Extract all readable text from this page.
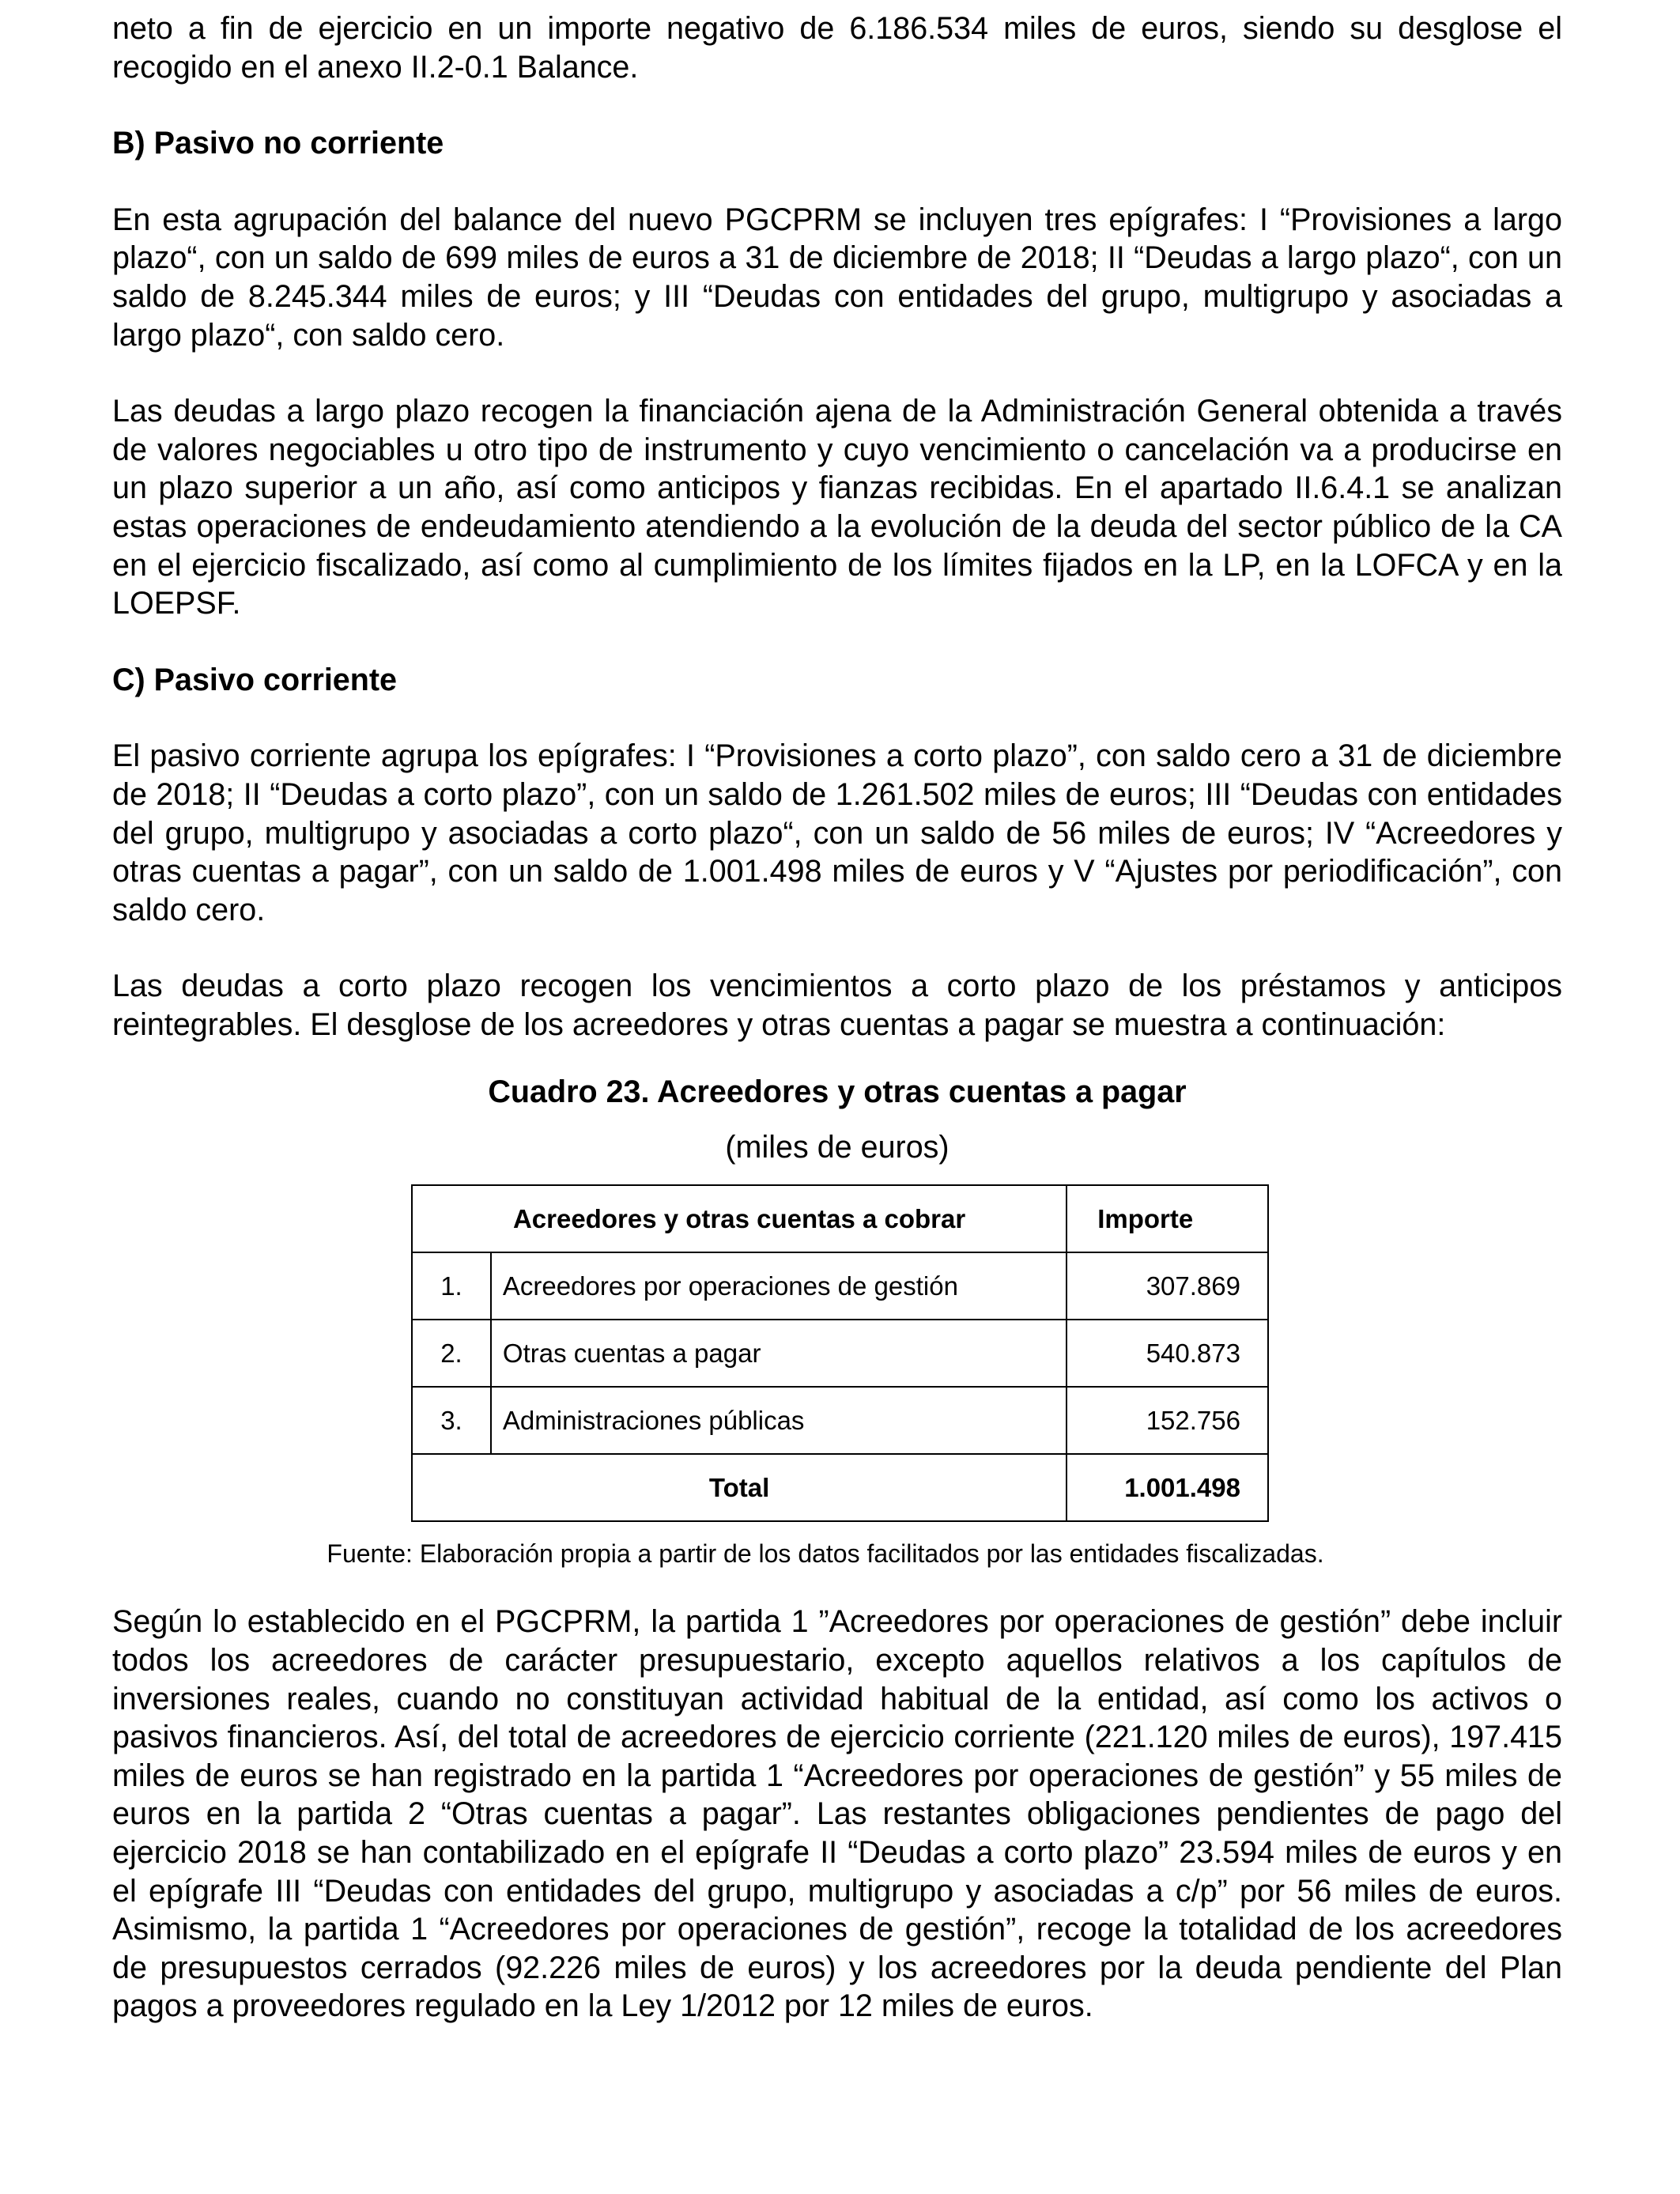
neto a fin de ejercicio en un importe negativo de 6.186.534 miles de euros, siendo su desglose el recogido en el anexo II.2-0.1 Balance.

B) Pasivo no corriente

En esta agrupación del balance del nuevo PGCPRM se incluyen tres epígrafes: I “Provisiones a largo plazo“, con un saldo de 699 miles de euros a 31 de diciembre de 2018; II “Deudas a largo plazo“, con un saldo de 8.245.344 miles de euros; y III “Deudas con entidades del grupo, multigrupo y asociadas a largo plazo“, con saldo cero.

Las deudas a largo plazo recogen la financiación ajena de la Administración General obtenida a través de valores negociables u otro tipo de instrumento y cuyo vencimiento o cancelación va a producirse en un plazo superior a un año, así como anticipos y fianzas recibidas. En el apartado II.6.4.1 se analizan estas operaciones de endeudamiento atendiendo a la evolución de la deuda del sector público de la CA en el ejercicio fiscalizado, así como al cumplimiento de los límites fijados en la LP, en la LOFCA y en la LOEPSF.

C) Pasivo corriente

El pasivo corriente agrupa los epígrafes: I “Provisiones a corto plazo”, con saldo cero a 31 de diciembre de 2018; II “Deudas a corto plazo”, con un saldo de 1.261.502 miles de euros; III “Deudas con entidades del grupo, multigrupo y asociadas a corto plazo“, con un saldo de 56 miles de euros; IV “Acreedores y otras cuentas a pagar”, con un saldo de 1.001.498 miles de euros y V “Ajustes por periodificación”, con saldo cero.

Las deudas a corto plazo recogen los vencimientos a corto plazo de los préstamos y anticipos reintegrables. El desglose de los acreedores y otras cuentas a pagar se muestra a continuación:

Cuadro 23. Acreedores y otras cuentas a pagar
(miles de euros)
Acreedores y otras cuentas a cobrar		Importe
1.	Acreedores por operaciones de gestión	307.869
2.	Otras cuentas a pagar	540.873
3.	Administraciones públicas	152.756
Total		1.001.498
Fuente: Elaboración propia a partir de los datos facilitados por las entidades fiscalizadas.

Según lo establecido en el PGCPRM, la partida 1 ”Acreedores por operaciones de gestión” debe incluir todos los acreedores de carácter presupuestario, excepto aquellos relativos a los capítulos de inversiones reales, cuando no constituyan actividad habitual de la entidad, así como los activos o pasivos financieros. Así, del total de acreedores de ejercicio corriente (221.120 miles de euros), 197.415 miles de euros se han registrado en la partida 1 “Acreedores por operaciones de gestión” y 55 miles de euros en la partida 2 “Otras cuentas a pagar”. Las restantes obligaciones pendientes de pago del ejercicio 2018 se han contabilizado en el epígrafe II “Deudas a corto plazo” 23.594 miles de euros y en el epígrafe III “Deudas con entidades del grupo, multigrupo y asociadas a c/p” por 56 miles de euros. Asimismo, la partida 1 “Acreedores por operaciones de gestión”, recoge la totalidad de los acreedores de presupuestos cerrados (92.226 miles de euros) y los acreedores por la deuda pendiente del Plan pagos a proveedores regulado en la Ley 1/2012 por 12 miles de euros.
